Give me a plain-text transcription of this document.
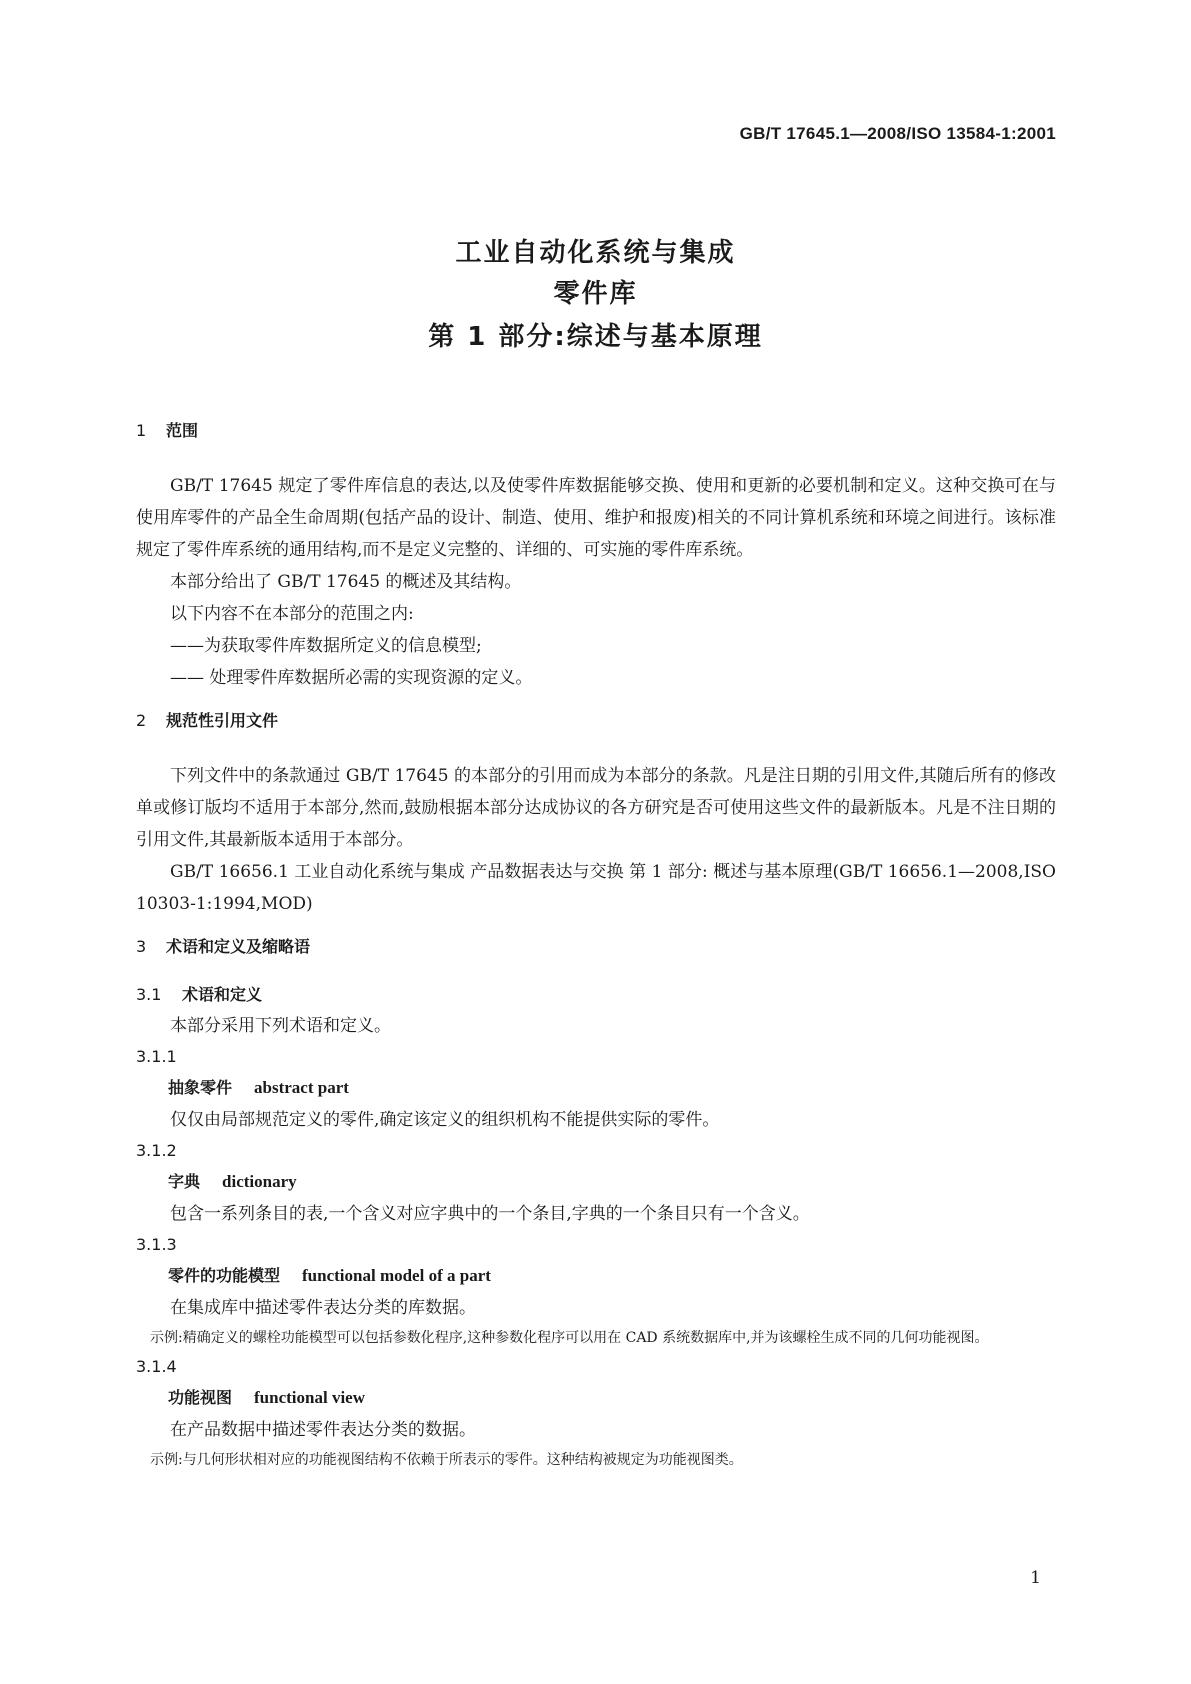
GB/T 17645.1—2008/ISO 13584-1:2001
工业自动化系统与集成
零件库
第 1 部分:综述与基本原理
1 范围

GB/T 17645 规定了零件库信息的表达,以及使零件库数据能够交换、使用和更新的必要机制和定义。这种交换可在与使用库零件的产品全生命周期(包括产品的设计、制造、使用、维护和报废)相关的不同计算机系统和环境之间进行。该标准规定了零件库系统的通用结构,而不是定义完整的、详细的、可实施的零件库系统。

本部分给出了 GB/T 17645 的概述及其结构。

以下内容不在本部分的范围之内:

——为获取零件库数据所定义的信息模型;

—— 处理零件库数据所必需的实现资源的定义。

2 规范性引用文件

下列文件中的条款通过 GB/T 17645 的本部分的引用而成为本部分的条款。凡是注日期的引用文件,其随后所有的修改单或修订版均不适用于本部分,然而,鼓励根据本部分达成协议的各方研究是否可使用这些文件的最新版本。凡是不注日期的引用文件,其最新版本适用于本部分。

GB/T 16656.1 工业自动化系统与集成 产品数据表达与交换 第 1 部分: 概述与基本原理(GB/T 16656.1—2008,ISO 10303-1:1994,MOD)

3 术语和定义及缩略语
3.1 术语和定义

本部分采用下列术语和定义。

3.1.1
抽象零件 abstract part

仅仅由局部规范定义的零件,确定该定义的组织机构不能提供实际的零件。

3.1.2
字典 dictionary

包含一系列条目的表,一个含义对应字典中的一个条目,字典的一个条目只有一个含义。

3.1.3
零件的功能模型 functional model of a part

在集成库中描述零件表达分类的库数据。

示例:精确定义的螺栓功能模型可以包括参数化程序,这种参数化程序可以用在 CAD 系统数据库中,并为该螺栓生成不同的几何功能视图。

3.1.4
功能视图 functional view

在产品数据中描述零件表达分类的数据。

示例:与几何形状相对应的功能视图结构不依赖于所表示的零件。这种结构被规定为功能视图类。

1
